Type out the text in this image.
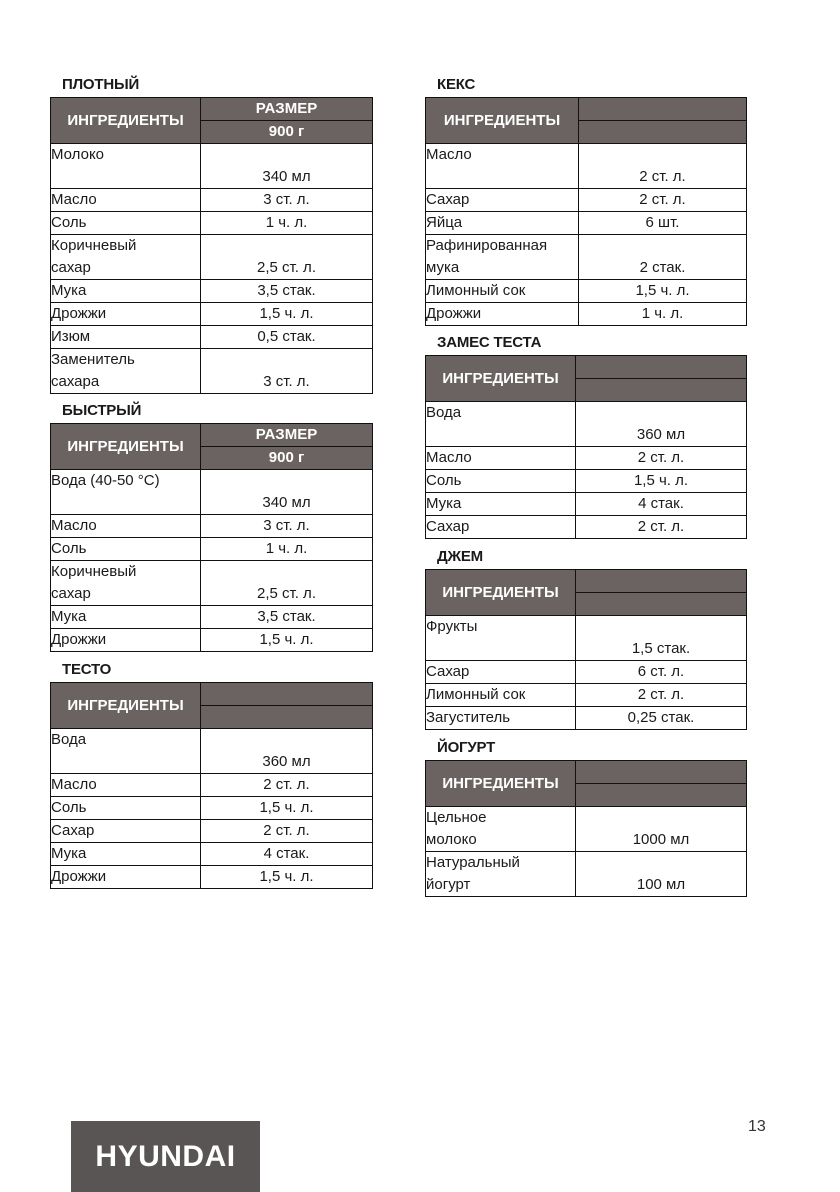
ПЛОТНЫЙ
ИНГРЕДИЕНТЫ	РАЗМЕР
	900 г
Молоко	340 мл
Масло	3 ст. л.
Соль	1 ч. л.

Коричневый
сахар	2,5 ст. л.
Мука	3,5 стак.
Дрожжи	1,5 ч. л.
Изюм	0,5 стак.

Заменитель
сахара	3 ст. л.
БЫСТРЫЙ
ИНГРЕДИЕНТЫ	РАЗМЕР
	900 г
Вода (40-50 °С)	340 мл
Масло	3 ст. л.
Соль	1 ч. л.

Коричневый
сахар	2,5 ст. л.
Мука	3,5 стак.
Дрожжи	1,5 ч. л.
ТЕСТО
ИНГРЕДИЕНТЫ	

Вода	360 мл
Масло	2 ст. л.
Соль	1,5 ч. л.
Сахар	2 ст. л.
Мука	4 стак.
Дрожжи	1,5 ч. л.
КЕКС
ИНГРЕДИЕНТЫ	

Масло	2 ст. л.
Сахар	2 ст. л.
Яйца	6 шт.

Рафинированная
мука	2 стак.
Лимонный сок	1,5 ч. л.
Дрожжи	1 ч. л.
ЗАМЕС ТЕСТА
ИНГРЕДИЕНТЫ	

Вода	360 мл
Масло	2 ст. л.
Соль	1,5 ч. л.
Мука	4 стак.
Сахар	2 ст. л.
ДЖЕМ
ИНГРЕДИЕНТЫ	

Фрукты	1,5 стак.
Сахар	6 ст. л.
Лимонный сок	2 ст. л.
Загуститель	0,25 стак.
ЙОГУРТ
ИНГРЕДИЕНТЫ	

Цельное
молоко	1000 мл

Натуральный
йогурт	100 мл
13
HYUNDAI
